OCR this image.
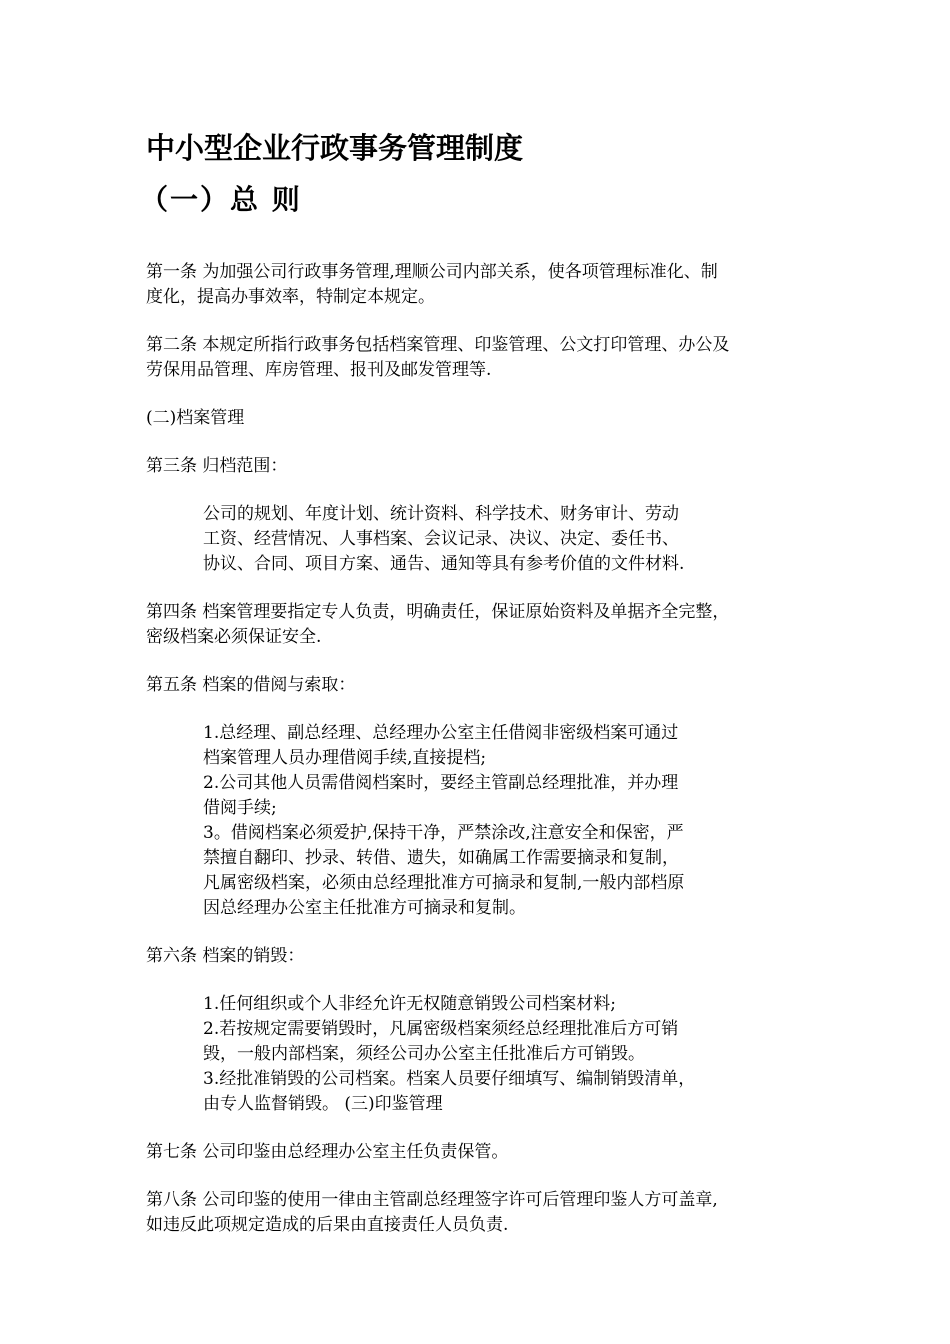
中小型企业行政事务管理制度
（一）总 则

第一条 为加强公司行政事务管理,理顺公司内部关系，使各项管理标准化、制
度化，提高办事效率，特制定本规定。

第二条 本规定所指行政事务包括档案管理、印鉴管理、公文打印管理、办公及
劳保用品管理、库房管理、报刊及邮发管理等.

(二)档案管理

第三条 归档范围：

公司的规划、年度计划、统计资料、科学技术、财务审计、劳动
工资、经营情况、人事档案、会议记录、决议、决定、委任书、
协议、合同、项目方案、通告、通知等具有参考价值的文件材料.

第四条 档案管理要指定专人负责，明确责任，保证原始资料及单据齐全完整，
密级档案必须保证安全.

第五条 档案的借阅与索取：

1.总经理、副总经理、总经理办公室主任借阅非密级档案可通过
档案管理人员办理借阅手续,直接提档;
2.公司其他人员需借阅档案时，要经主管副总经理批准，并办理
借阅手续;
3。借阅档案必须爱护,保持干净，严禁涂改,注意安全和保密，严
禁擅自翻印、抄录、转借、遗失，如确属工作需要摘录和复制，
凡属密级档案，必须由总经理批准方可摘录和复制,一般内部档原
因总经理办公室主任批准方可摘录和复制。

第六条 档案的销毁：

1.任何组织或个人非经允许无权随意销毁公司档案材料;
2.若按规定需要销毁时，凡属密级档案须经总经理批准后方可销
毁，一般内部档案，须经公司办公室主任批准后方可销毁。
3.经批准销毁的公司档案。档案人员要仔细填写、编制销毁清单，
由专人监督销毁。 (三)印鉴管理

第七条 公司印鉴由总经理办公室主任负责保管。

第八条 公司印鉴的使用一律由主管副总经理签字许可后管理印鉴人方可盖章,
如违反此项规定造成的后果由直接责任人员负责.
